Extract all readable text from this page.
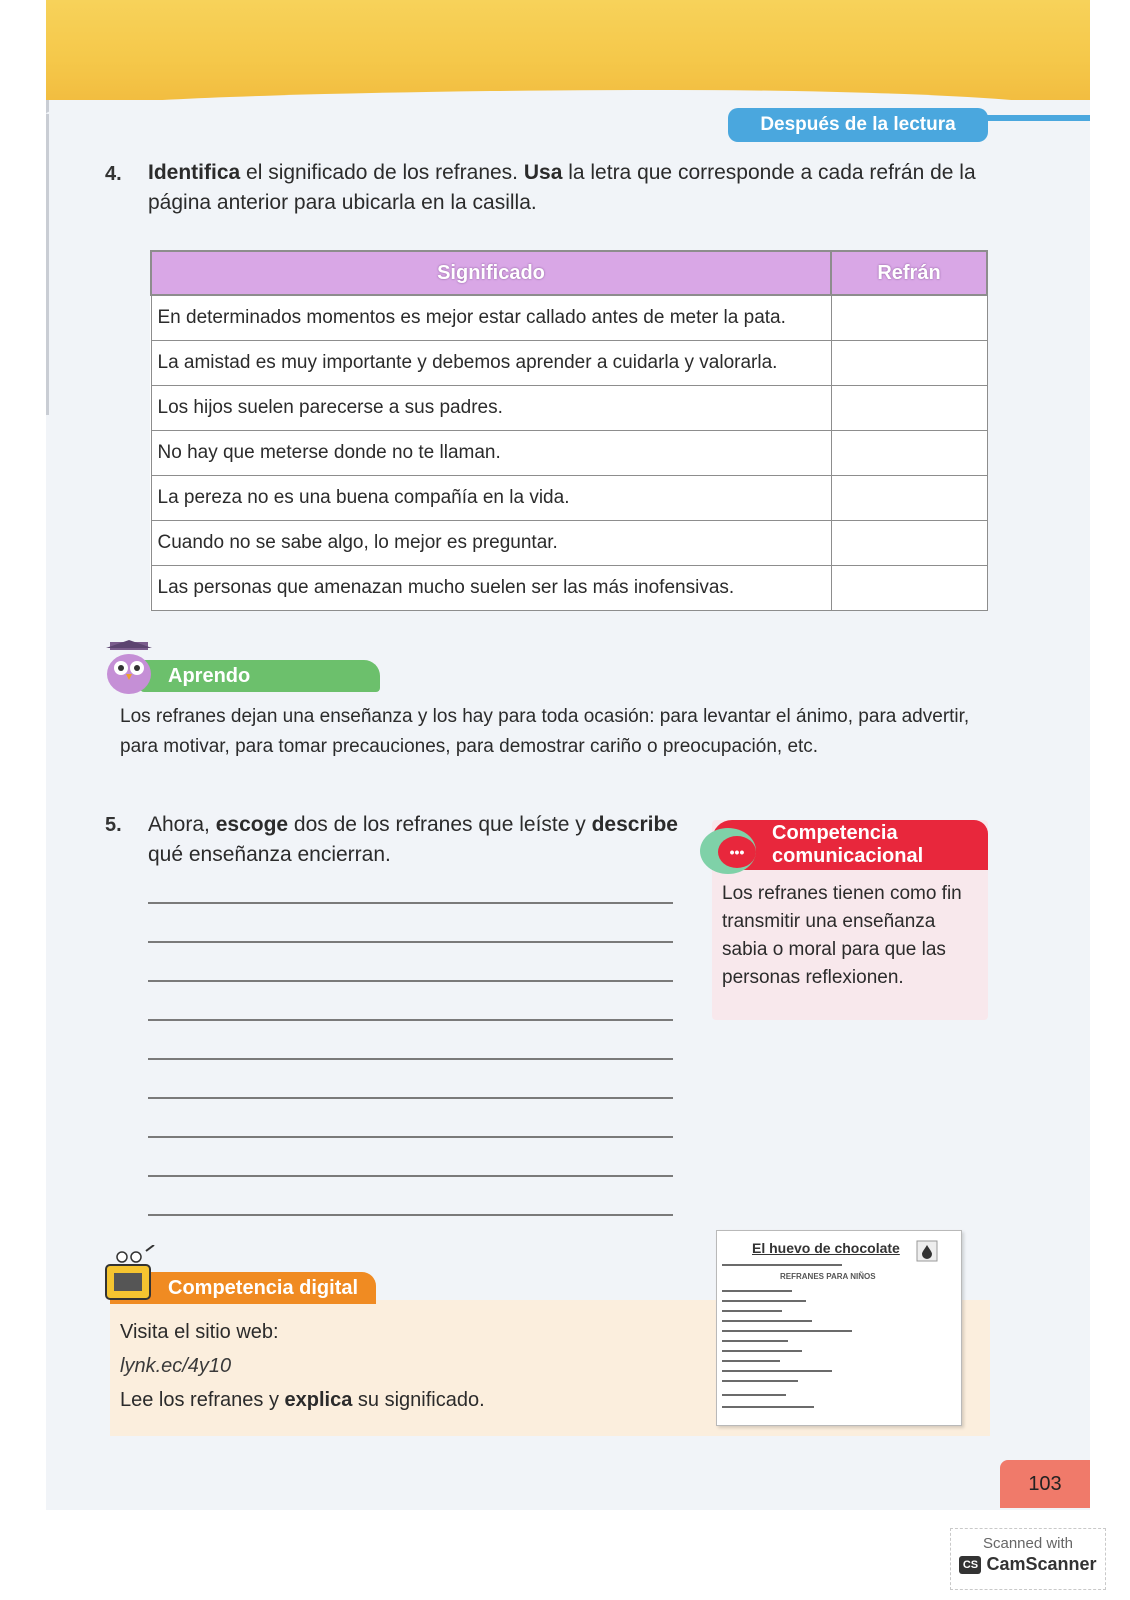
Después de la lectura
4. Identifica el significado de los refranes. Usa la letra que corresponde a cada refrán de la página anterior para ubicarla en la casilla.
Significado	Refrán
En determinados momentos es mejor estar callado antes de meter la pata.	
La amistad es muy importante y debemos aprender a cuidarla y valorarla.	
Los hijos suelen parecerse a sus padres.	
No hay que meterse donde no te llaman.	
La pereza no es una buena compañía en la vida.	
Cuando no se sabe algo, lo mejor es preguntar.	
Las personas que amenazan mucho suelen ser las más inofensivas.	
Aprendo
Los refranes dejan una enseñanza y los hay para toda ocasión: para levantar el ánimo, para advertir, para motivar, para tomar precauciones, para demostrar cariño o preocupación, etc.
5. Ahora, escoge dos de los refranes que leíste y describe qué enseñanza encierran.
Competencia
comunicacional
•••
Los refranes tienen como fin transmitir una enseñanza sabia o moral para que las personas reflexionen.
Competencia digital
Visita el sitio web:
lynk.ec/4y10
Lee los refranes y explica su significado.
El huevo de chocolate
REFRANES PARA NIÑOS
103
Scanned with
CS CamScanner
